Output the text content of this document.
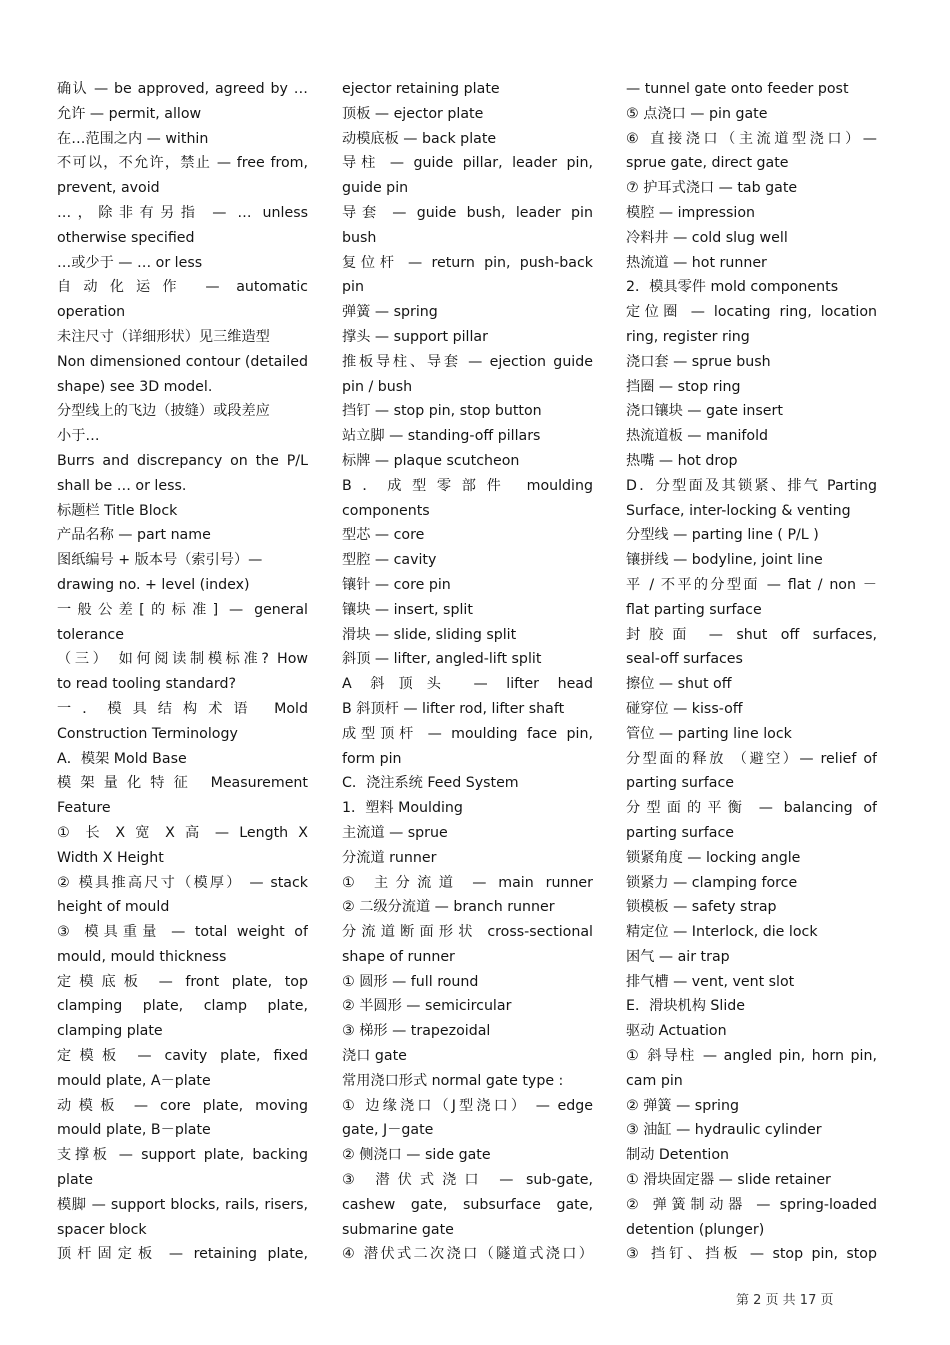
确认 — be approved, agreed by …
允许 — permit, allow
在…范围之内 — within
不可以，不允许，禁止 — free from,
prevent, avoid
…，除非有另指 — … unless
otherwise specified
…或少于 — … or less
自动化运作 — automatic
operation
未注尺寸（详细形状）见三维造型
Non dimensioned contour (detailed
shape) see 3D model.
分型线上的飞边（披缝）或段差应
小于…
Burrs and discrepancy on the P/L
shall be … or less.
标题栏 Title Block
产品名称 — part name
图纸编号 + 版本号（索引号）—
drawing no. + level (index)
一般公差[的标准] — general
tolerance
（三） 如何阅读制模标准? How
to read tooling standard?
一．模具结构术语 Mold
Construction Terminology
A．模架 Mold Base
模架量化特征 Measurement
Feature
① 长 X 宽 X 高 — Length X
Width X Height
② 模具推高尺寸（模厚） — stack
height of mould
③ 模具重量 — total weight of
mould, mould thickness
定模底板 — front plate, top
clamping plate, clamp plate,
clamping plate
定模板 — cavity plate, fixed
mould plate, A－plate
动模板 — core plate, moving
mould plate, B－plate
支撑板 — support plate, backing
plate
模脚 — support blocks, rails, risers,
spacer block
顶杆固定板 — retaining plate,
ejector retaining plate
顶板 — ejector plate
动模底板 — back plate
导柱 — guide pillar, leader pin,
guide pin
导套 — guide bush, leader pin
bush
复位杆 — return pin, push-back
pin
弹簧 — spring
撑头 — support pillar
推板导柱、导套 — ejection guide
pin / bush
挡钉 — stop pin, stop button
站立脚 — standing-off pillars
标牌 — plaque scutcheon
B．成型零部件 moulding
components
型芯 — core
型腔 — cavity
镶针 — core pin
镶块 — insert, split
滑块 — slide, sliding split
斜顶 — lifter, angled-lift split
A 斜顶头 — lifter head
B 斜顶杆 — lifter rod, lifter shaft
成型顶杆 — moulding face pin,
form pin
C．浇注系统 Feed System
1．塑料 Moulding
主流道 — sprue
分流道 runner
① 主分流道 — main runner
② 二级分流道 — branch runner
分流道断面形状 cross-sectional
shape of runner
① 圆形 — full round
② 半圆形 — semicircular
③ 梯形 — trapezoidal
浇口 gate
常用浇口形式 normal gate type :
① 边缘浇口（J型浇口） — edge
gate, J－gate
② 侧浇口 — side gate
③ 潜伏式浇口 — sub-gate,
cashew gate, subsurface gate,
submarine gate
④ 潜伏式二次浇口（隧道式浇口）
— tunnel gate onto feeder post
⑤ 点浇口 — pin gate
⑥ 直接浇口（主流道型浇口）—
sprue gate, direct gate
⑦ 护耳式浇口 — tab gate
模腔 — impression
冷料井 — cold slug well
热流道 — hot runner
2．模具零件 mold components
定位圈 — locating ring, location
ring, register ring
浇口套 — sprue bush
挡圈 — stop ring
浇口镶块 — gate insert
热流道板 — manifold
热嘴 — hot drop
D．分型面及其锁紧、排气 Parting
Surface, inter-locking & venting
分型线 — parting line ( P/L )
镶拼线 — bodyline, joint line
平 / 不平的分型面 — flat / non －
flat parting surface
封胶面 — shut off surfaces,
seal-off surfaces
擦位 — shut off
碰穿位 — kiss-off
管位 — parting line lock
分型面的释放 （避空）— relief of
parting surface
分型面的平衡 — balancing of
parting surface
锁紧角度 — locking angle
锁紧力 — clamping force
锁模板 — safety strap
精定位 — Interlock, die lock
困气 — air trap
排气槽 — vent, vent slot
E．滑块机构 Slide
驱动 Actuation
① 斜导柱 — angled pin, horn pin,
cam pin
② 弹簧 — spring
③ 油缸 — hydraulic cylinder
制动 Detention
① 滑块固定器 — slide retainer
② 弹簧制动器 — spring-loaded
detention (plunger)
③ 挡钉、挡板 — stop pin, stop
第 2 页 共 17 页
